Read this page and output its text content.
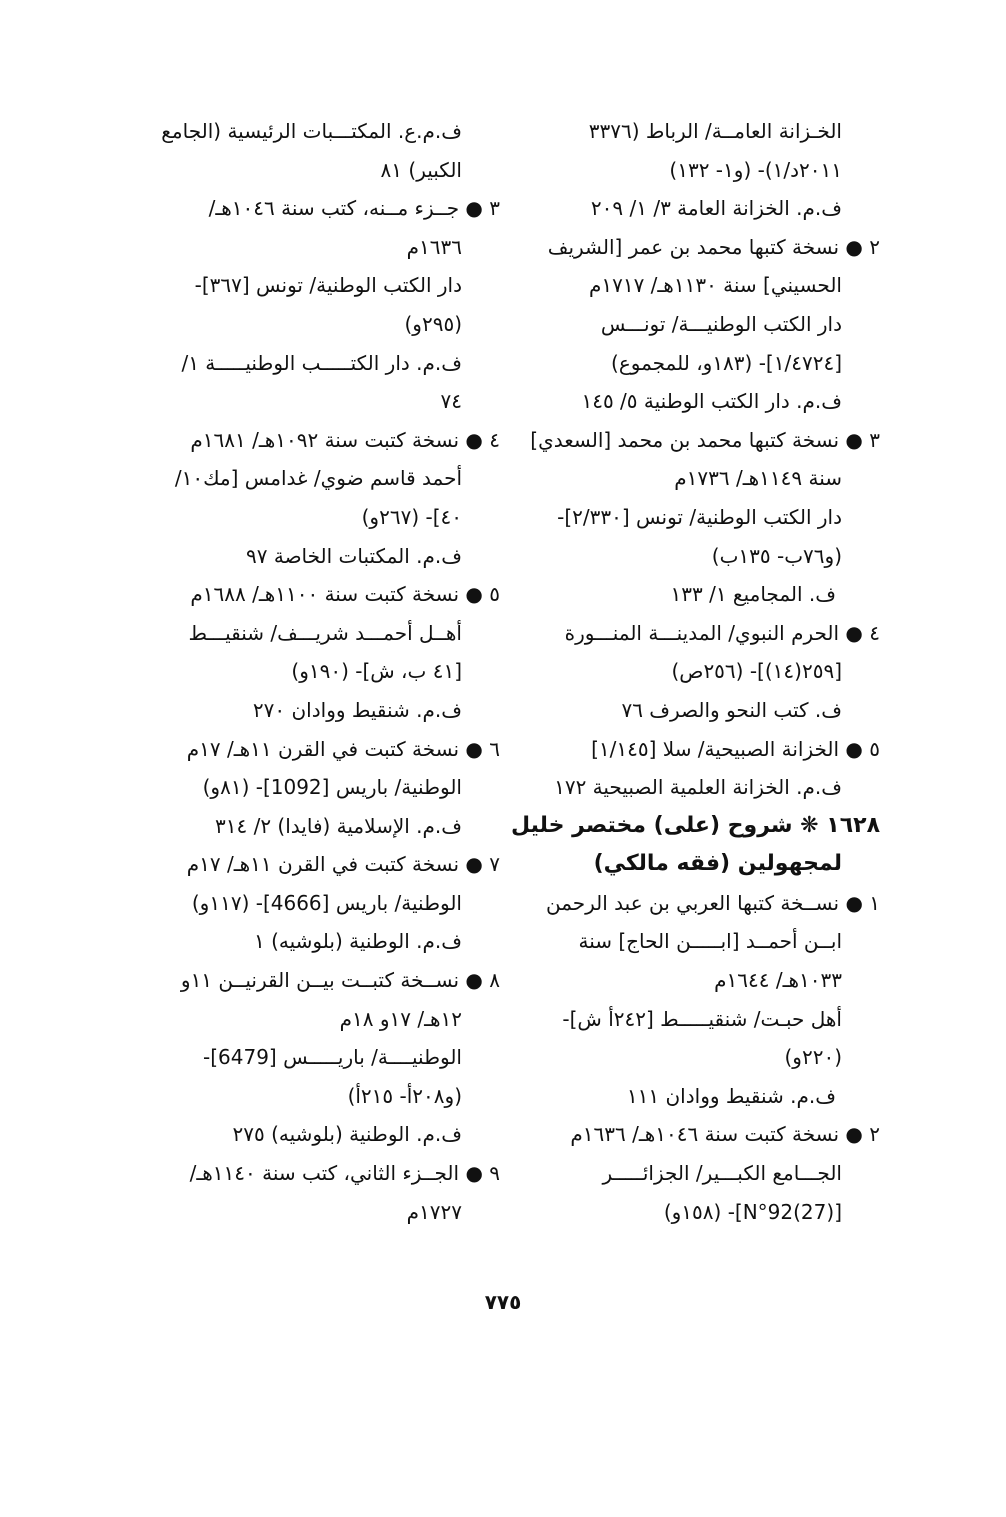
الخـزانة العامــة/ الرباط (٣٣٧٦
٢٠١١د/١)- (و١- ١٣٢)
ف.م. الخزانة العامة ٣/ ١/ ٢٠٩
٢ ● نسخة كتبها محمد بن عمر [الشريف
الحسيني] سنة ١١٣٠هـ/ ١٧١٧م
دار الكتب الوطنيـــة/ تونـــس
[١/٤٧٢٤]- (١٨٣و، للمجموع)
ف.م. دار الكتب الوطنية ٥/ ١٤٥
٣ ● نسخة كتبها محمد بن محمد [السعدي]
سنة ١١٤٩هـ/ ١٧٣٦م
دار الكتب الوطنية/ تونس [٢/٣٣٠]-
(و٧٦ب- ١٣٥ب)
ف. المجاميع ١/ ١٣٣
٤ ● الحرم النبوي/ المدينـــة المنـــورة
[٢٥٩(١٤)]- (٢٥٦ص)
ف. كتب النحو والصرف ٧٦
٥ ● الخزانة الصبيحية/ سلا [١/١٤٥]
ف.م. الخزانة العلمية الصبيحية ١٧٢
١٦٢٨ ❋ شروح (على) مختصر خليل
لمجهولين (فقه مالكي)
١ ● نســخة كتبها العربي بن عبد الرحمن
ابــن أحمــد [ابـــــن الحاج] سنة
١٠٣٣هـ/ ١٦٤٤م
أهل حبـت/ شنقيـــــط [٢٤٢أ ش]-
(٢٢٠و)
ف.م. شنقيط ووادان ١١١
٢ ● نسخة كتبت سنة ١٠٤٦هـ/ ١٦٣٦م
الجـــامع الكبـــير/ الجزائـــــر
[N°92(27)]- (١٥٨و)
ف.م.ع. المكتـــبات الرئيسية (الجامع
الكبير) ٨١
٣ ● جــزء مــنه، كتب سنة ١٠٤٦هـ/
١٦٣٦م
دار الكتب الوطنية/ تونس [٣٦٧]-
(٢٩٥و)
ف.م. دار الكتـــــب الوطنيـــــة ١/
٧٤
٤ ● نسخة كتبت سنة ١٠٩٢هـ/ ١٦٨١م
أحمد قاسم ضوي/ غدامس [مك١٠/
٤٠]- (٢٦٧و)
ف.م. المكتبات الخاصة ٩٧
٥ ● نسخة كتبت سنة ١١٠٠هـ/ ١٦٨٨م
أهــل أحمـــد شريـــف/ شنقيـــط
[٤١ ب، ش]- (١٩٠و)
ف.م. شنقيط ووادان ٢٧٠
٦ ● نسخة كتبت في القرن ١١هـ/ ١٧م
الوطنية/ باريس [1092]- (٨١و)
ف.م. الإسلامية (فايدا) ٢/ ٣١٤
٧ ● نسخة كتبت في القرن ١١هـ/ ١٧م
الوطنية/ باريس [4666]- (١١٧و)
ف.م. الوطنية (بلوشيه) ١
٨ ● نســخة كتبــت بيــن القرنيــن ١١و
١٢هـ/ ١٧و ١٨م
الوطنيــــة/ باريـــــس [6479]-
(و٢٠٨أ- ٢١٥أ)
ف.م. الوطنية (بلوشيه) ٢٧٥
٩ ● الجــزء الثاني، كتب سنة ١١٤٠هـ/
١٧٢٧م
٧٧٥
